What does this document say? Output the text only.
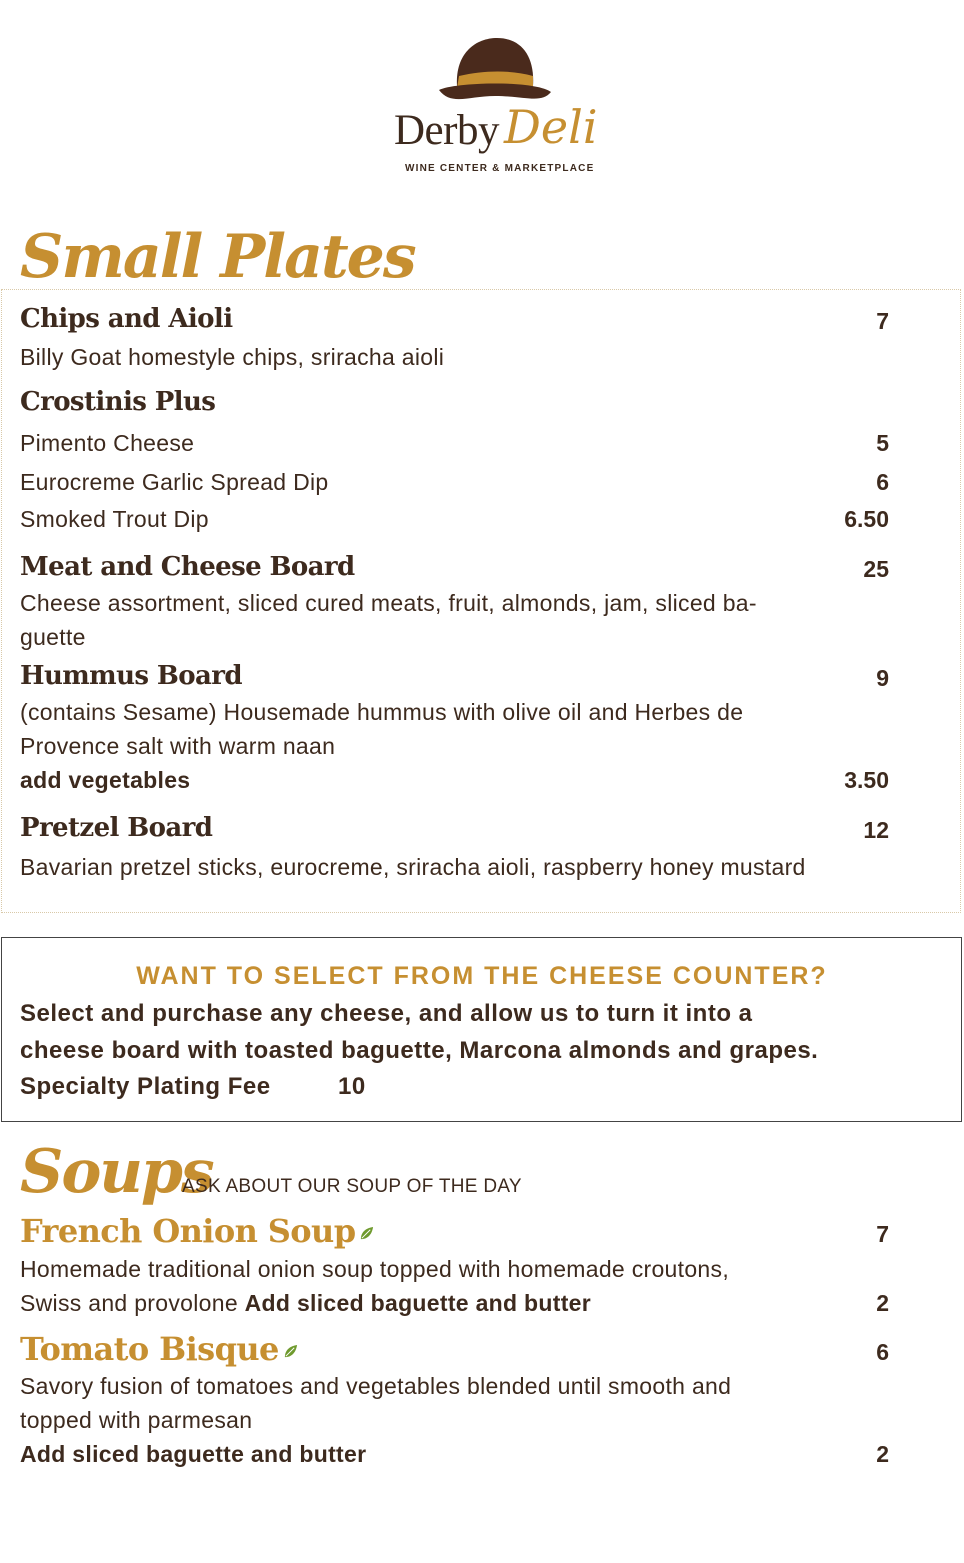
Derby Deli
WINE CENTER & MARKETPLACE
Small Plates
Chips and Aioli	7
Billy Goat homestyle chips, sriracha aioli
Crostinis Plus
Pimento Cheese	5
Eurocreme Garlic Spread Dip	6
Smoked Trout Dip	6.50
Meat and Cheese Board	25
Cheese assortment, sliced cured meats, fruit, almonds, jam, sliced ba-
guette
Hummus Board	9
(contains Sesame) Housemade hummus with olive oil and Herbes de
Provence salt with warm naan
add vegetables	3.50
Pretzel Board	12
Bavarian pretzel sticks, eurocreme, sriracha aioli, raspberry honey mustard
WANT TO SELECT FROM THE CHEESE COUNTER?
Select and purchase any cheese, and allow us to turn it into a
cheese board with toasted baguette, Marcona almonds and grapes.
Specialty Plating Fee	10
Soups
ASK ABOUT OUR SOUP OF THE DAY
French Onion Soup	7
Homemade traditional onion soup topped with homemade croutons,
Swiss and provolone Add sliced baguette and butter	2
Tomato Bisque	6
Savory fusion of tomatoes and vegetables blended until smooth and
topped with parmesan
Add sliced baguette and butter	2
